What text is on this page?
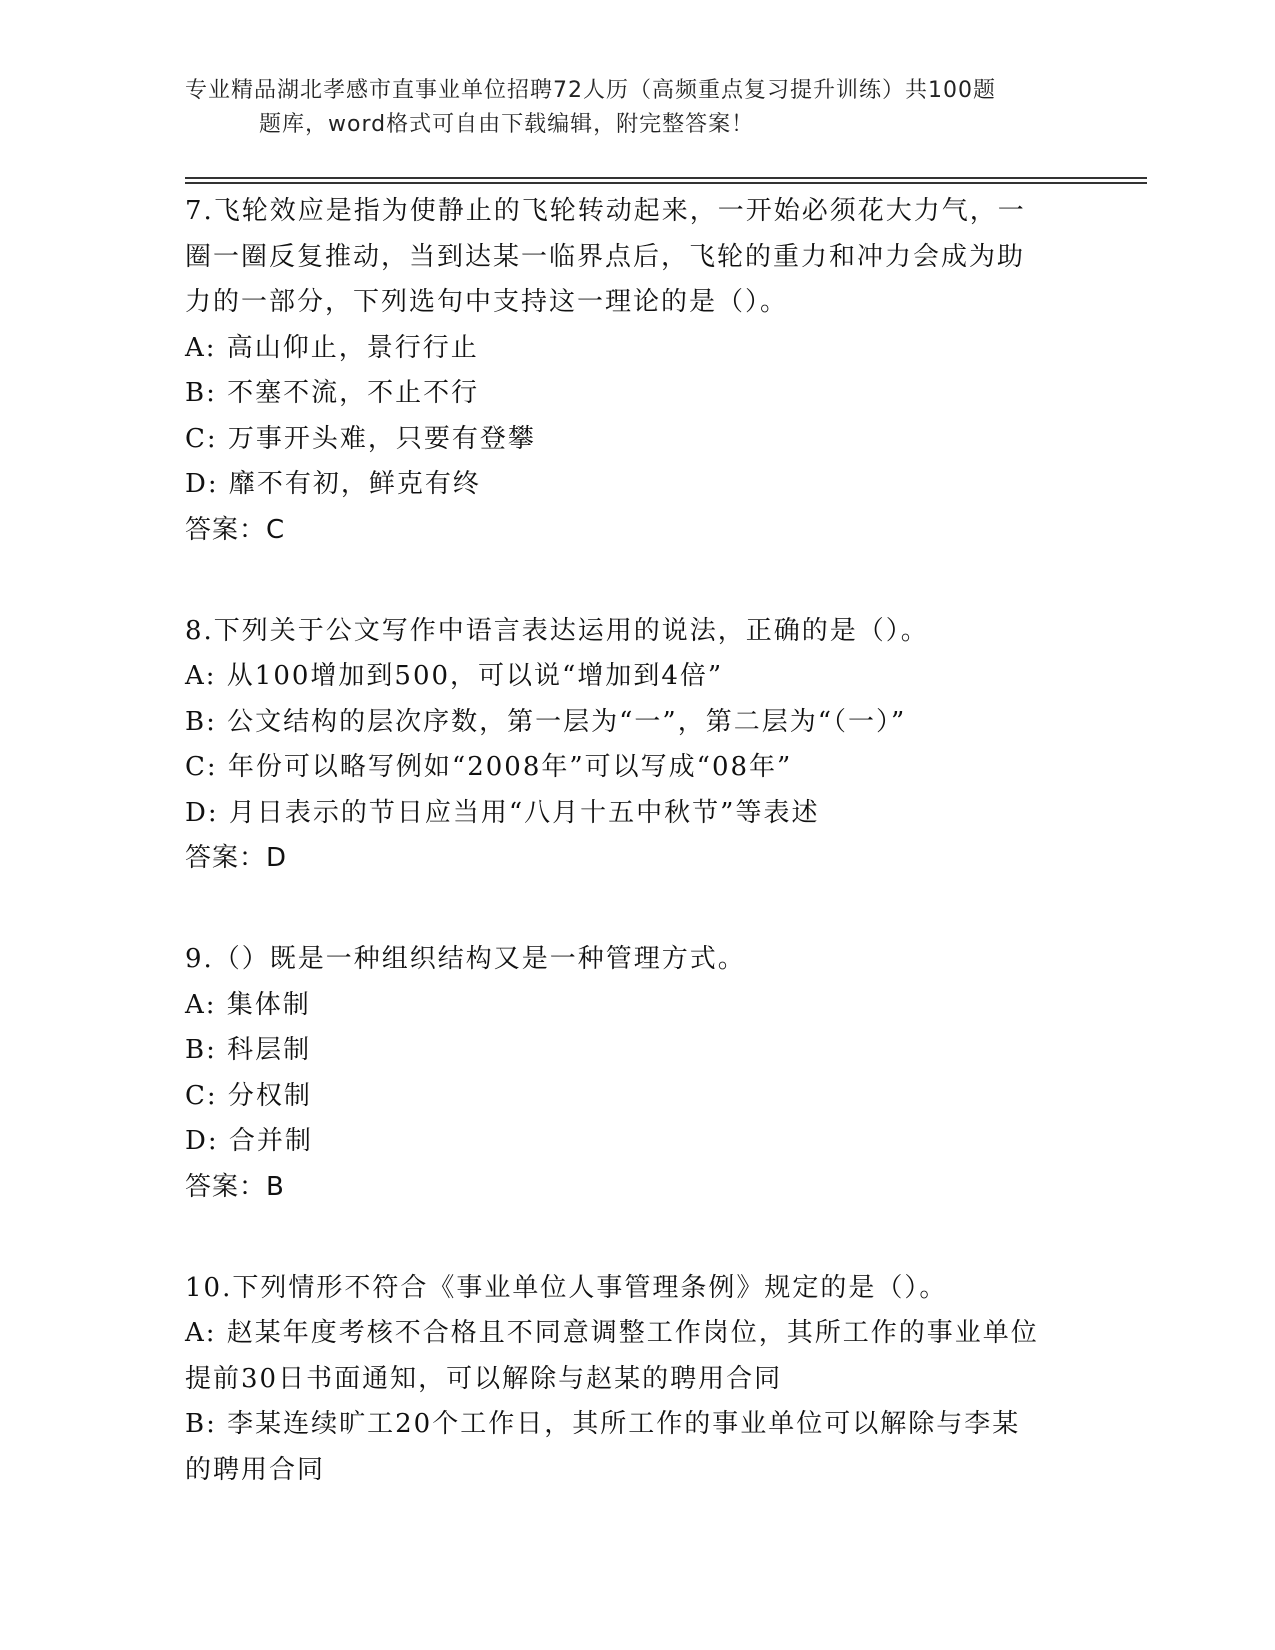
专业精品湖北孝感市直事业单位招聘72人历（高频重点复习提升训练）共100题

题库，word格式可自由下载编辑，附完整答案！
7.飞轮效应是指为使静止的飞轮转动起来，一开始必须花大力气，一
圈一圈反复推动，当到达某一临界点后，飞轮的重力和冲力会成为助
力的一部分，下列选句中支持这一理论的是（）。
A: 高山仰止，景行行止
B: 不塞不流，不止不行
C: 万事开头难，只要有登攀
D: 靡不有初，鲜克有终
答案：C
8.下列关于公文写作中语言表达运用的说法，正确的是（）。
A: 从100增加到500，可以说“增加到4倍”
B: 公文结构的层次序数，第一层为“一”，第二层为“（一）”
C: 年份可以略写例如“2008年”可以写成“08年”
D: 月日表示的节日应当用“八月十五中秋节”等表述
答案：D
9.（）既是一种组织结构又是一种管理方式。
A: 集体制
B: 科层制
C: 分权制
D: 合并制
答案：B
10.下列情形不符合《事业单位人事管理条例》规定的是（）。
A: 赵某年度考核不合格且不同意调整工作岗位，其所工作的事业单位
提前30日书面通知，可以解除与赵某的聘用合同
B: 李某连续旷工20个工作日，其所工作的事业单位可以解除与李某
的聘用合同
